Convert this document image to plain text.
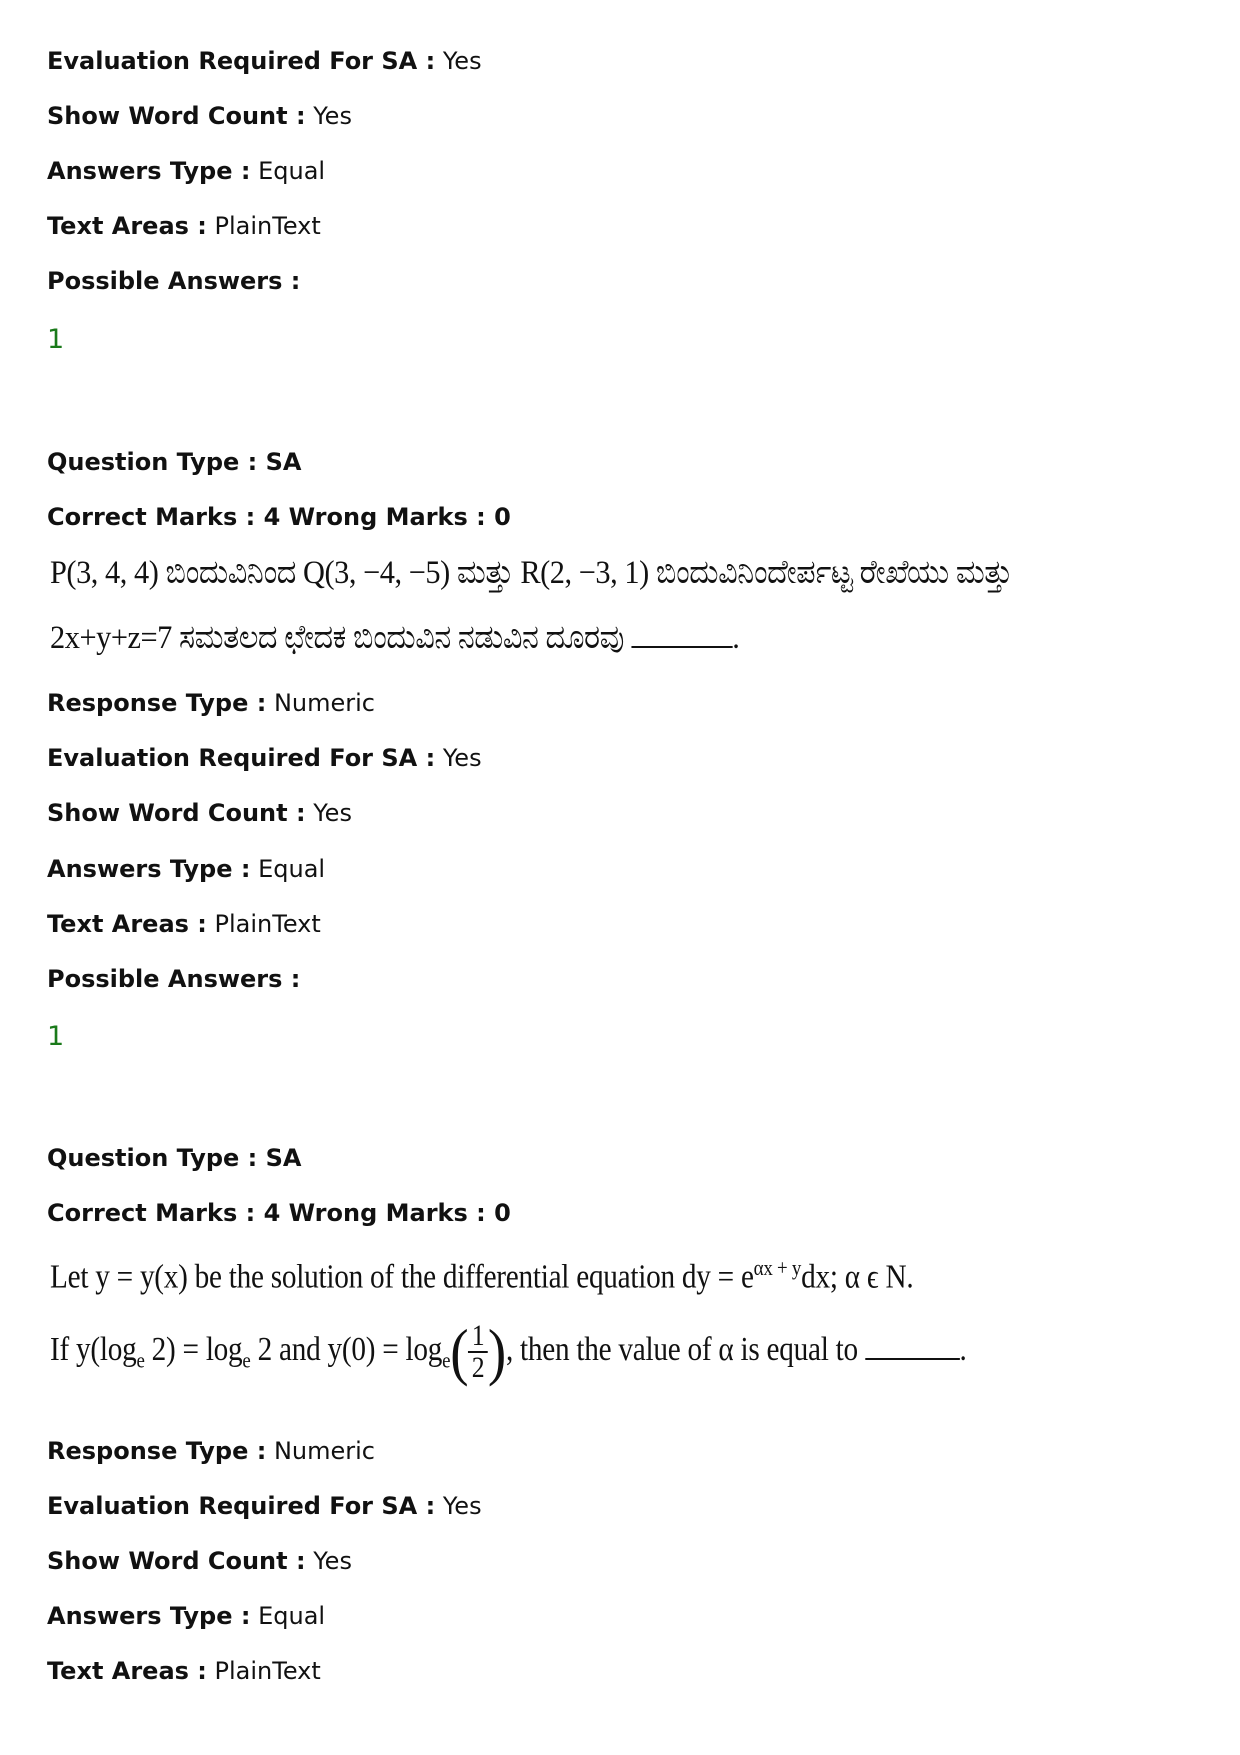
Evaluation Required For SA : Yes
Show Word Count : Yes
Answers Type : Equal
Text Areas : PlainText
Possible Answers :
1
Question Type : SA
Correct Marks : 4 Wrong Marks : 0
P(3, 4, 4) ಬಿಂದುವಿನಿಂದ Q(3, −4, −5) ಮತ್ತು R(2, −3, 1) ಬಿಂದುವಿನಿಂದೇರ್ಪಟ್ಟ ರೇಖೆಯು ಮತ್ತು
2x+y+z=7 ಸಮತಲದ ಛೇದಕ ಬಿಂದುವಿನ ನಡುವಿನ ದೂರವು	.
Response Type : Numeric
Evaluation Required For SA : Yes
Show Word Count : Yes
Answers Type : Equal
Text Areas : PlainText
Possible Answers :
1
Question Type : SA
Correct Marks : 4 Wrong Marks : 0
Let y = y(x) be the solution of the differential equation dy = $e^{\alpha x + y}dx$; α ϵ N.
If $y(\log_e$ $2) = \log_e 2$ and $y(0) = \log_e( \frac{1}{2}$ ), then the value of α is equal to	.
Response Type : Numeric
Evaluation Required For SA : Yes
Show Word Count : Yes
Answers Type : Equal
Text Areas : PlainText
